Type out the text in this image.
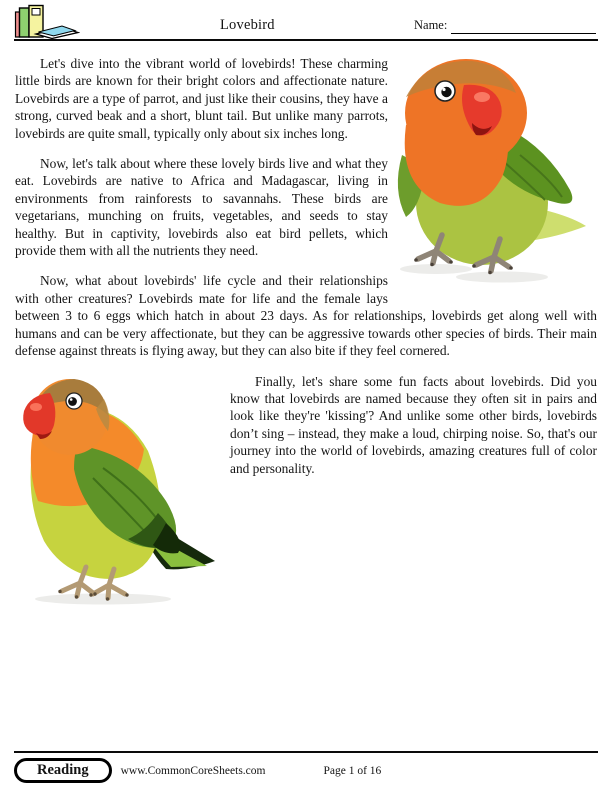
Lovebird	Name:

Let's dive into the vibrant world of lovebirds! These charming little birds are known for their bright colors and affectionate nature. Lovebirds are a type of parrot, and just like their cousins, they have a strong, curved beak and a short, blunt tail. But unlike many parrots, lovebirds are quite small, typically only about six inches long.

Now, let's talk about where these lovely birds live and what they eat. Lovebirds are native to Africa and Madagascar, living in environments from rainforests to savannahs. These birds are vegetarians, munching on fruits, vegetables, and seeds to stay healthy. But in captivity, lovebirds also eat bird pellets, which provide them with all the nutrients they need.

Now, what about lovebirds' life cycle and their relationships with other creatures? Lovebirds mate for life and the female lays between 3 to 6 eggs which hatch in about 23 days. As for relationships, lovebirds get along well with humans and can be very affectionate, but they can be aggressive towards other species of birds. Their main defense against threats is flying away, but they can also bite if they feel cornered.

Finally, let's share some fun facts about lovebirds. Did you know that lovebirds are named because they often sit in pairs and look like they're 'kissing'? And unlike some other birds, lovebirds don’t sing – instead, they make a loud, chirping noise. So, that's our journey into the world of lovebirds, amazing creatures full of color and personality.

Reading	www.CommonCoreSheets.com	Page 1 of 16
